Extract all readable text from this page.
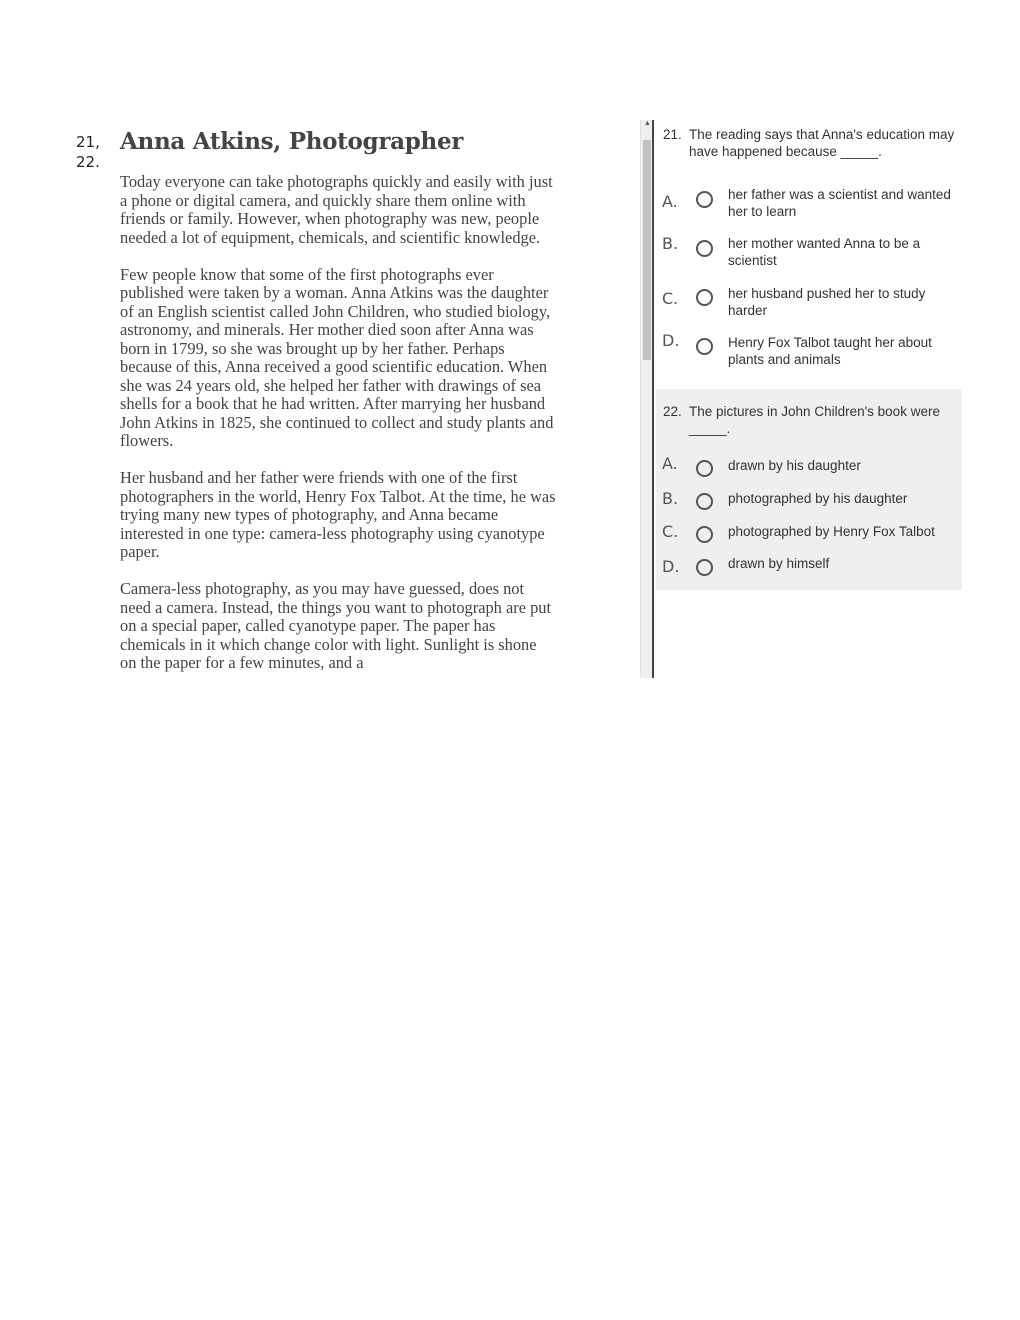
21,
22.
Anna Atkins, Photographer

Today everyone can take photographs quickly and easily with just a phone or digital camera, and quickly share them online with friends or family. However, when photography was new, people needed a lot of equipment, chemicals, and scientific knowledge.

Few people know that some of the first photographs ever published were taken by a woman. Anna Atkins was the daughter of an English scientist called John Children, who studied biology, astronomy, and minerals. Her mother died soon after Anna was born in 1799, so she was brought up by her father. Perhaps because of this, Anna received a good scientific education. When she was 24 years old, she helped her father with drawings of sea shells for a book that he had written. After marrying her husband John Atkins in 1825, she continued to collect and study plants and flowers.

Her husband and her father were friends with one of the first photographers in the world, Henry Fox Talbot. At the time, he was trying many new types of photography, and Anna became interested in one type: camera-less photography using cyanotype paper.

Camera-less photography, as you may have guessed, does not need a camera. Instead, the things you want to photograph are put on a special paper, called cyanotype paper. The paper has chemicals in it which change color with light. Sunlight is shone on the paper for a few minutes, and a

▲
21. The reading says that Anna's education may have happened because _____.
A.	her father was a scientist and wanted her to learn
B.	her mother wanted Anna to be a scientist
C.	her husband pushed her to study harder
D.	Henry Fox Talbot taught her about plants and animals
22. The pictures in John Children's book were _____.
A.	drawn by his daughter
B.	photographed by his daughter
C.	photographed by Henry Fox Talbot
D.	drawn by himself
